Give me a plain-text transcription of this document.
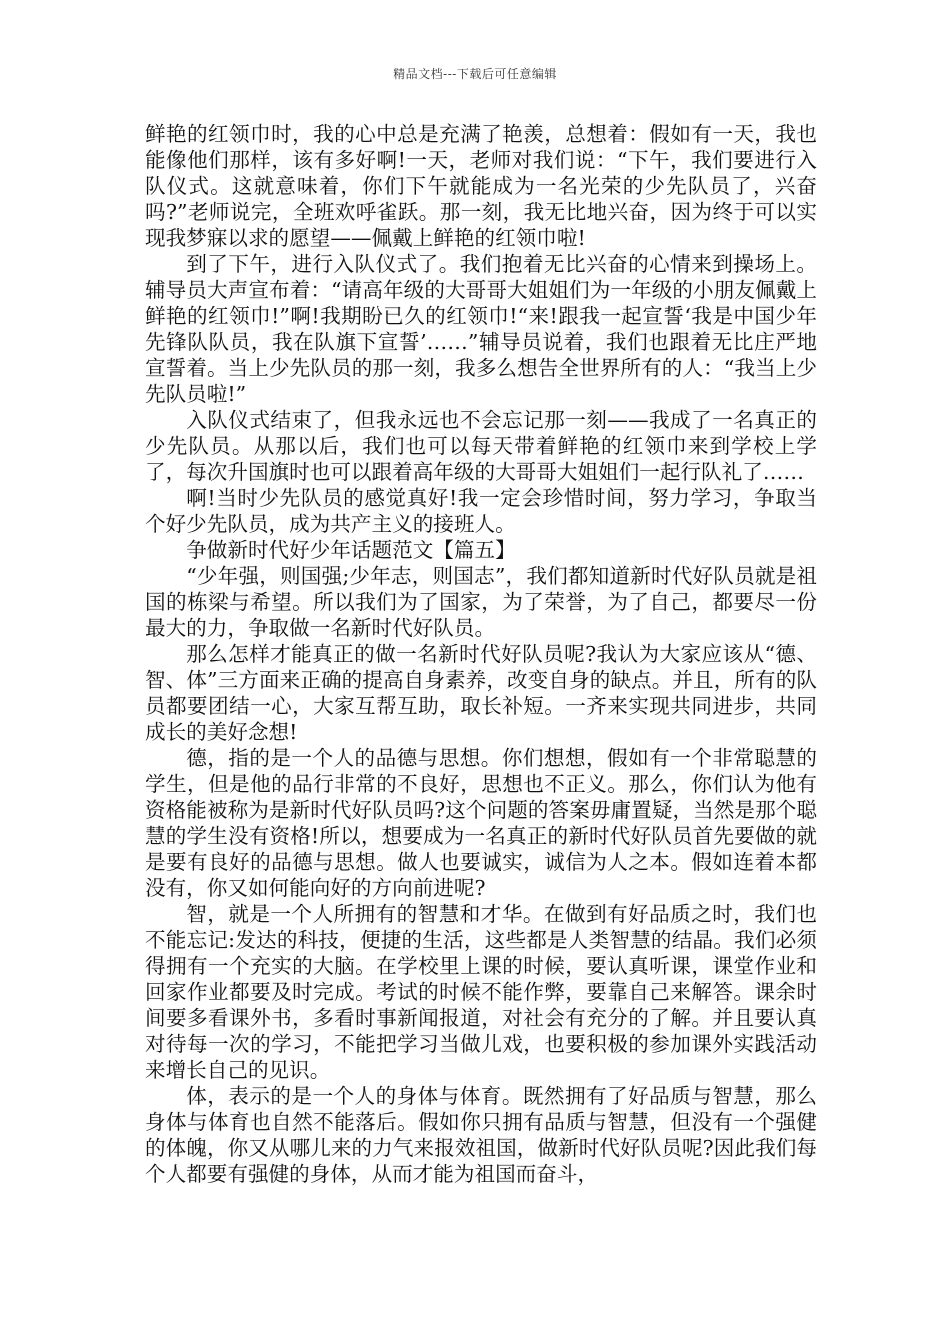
精品文档---下载后可任意编辑

鲜艳的红领巾时，我的心中总是充满了艳羡，总想着：假如有一天，我也能像他们那样，该有多好啊!一天，老师对我们说：“下午，我们要进行入队仪式。这就意味着，你们下午就能成为一名光荣的少先队员了，兴奋吗?”老师说完，全班欢呼雀跃。那一刻，我无比地兴奋，因为终于可以实现我梦寐以求的愿望——佩戴上鲜艳的红领巾啦!

到了下午，进行入队仪式了。我们抱着无比兴奋的心情来到操场上。辅导员大声宣布着：“请高年级的大哥哥大姐姐们为一年级的小朋友佩戴上鲜艳的红领巾!”啊!我期盼已久的红领巾!“来!跟我一起宣誓‘我是中国少年先锋队队员，我在队旗下宣誓’……”辅导员说着，我们也跟着无比庄严地宣誓着。当上少先队员的那一刻，我多么想告全世界所有的人：“我当上少先队员啦!”

入队仪式结束了，但我永远也不会忘记那一刻——我成了一名真正的少先队员。从那以后，我们也可以每天带着鲜艳的红领巾来到学校上学了，每次升国旗时也可以跟着高年级的大哥哥大姐姐们一起行队礼了……

啊!当时少先队员的感觉真好!我一定会珍惜时间，努力学习，争取当个好少先队员，成为共产主义的接班人。

争做新时代好少年话题范文【篇五】

“少年强，则国强;少年志，则国志”，我们都知道新时代好队员就是祖国的栋梁与希望。所以我们为了国家，为了荣誉，为了自己，都要尽一份最大的力，争取做一名新时代好队员。

那么怎样才能真正的做一名新时代好队员呢?我认为大家应该从“德、智、体”三方面来正确的提高自身素养，改变自身的缺点。并且，所有的队员都要团结一心，大家互帮互助，取长补短。一齐来实现共同进步，共同成长的美好念想!

德，指的是一个人的品德与思想。你们想想，假如有一个非常聪慧的学生，但是他的品行非常的不良好，思想也不正义。那么，你们认为他有资格能被称为是新时代好队员吗?这个问题的答案毋庸置疑，当然是那个聪慧的学生没有资格!所以，想要成为一名真正的新时代好队员首先要做的就是要有良好的品德与思想。做人也要诚实，诚信为人之本。假如连着本都没有，你又如何能向好的方向前进呢?

智，就是一个人所拥有的智慧和才华。在做到有好品质之时，我们也不能忘记:发达的科技，便捷的生活，这些都是人类智慧的结晶。我们必须得拥有一个充实的大脑。在学校里上课的时候，要认真听课，课堂作业和回家作业都要及时完成。考试的时候不能作弊，要靠自己来解答。课余时间要多看课外书，多看时事新闻报道，对社会有充分的了解。并且要认真对待每一次的学习，不能把学习当做儿戏，也要积极的参加课外实践活动来增长自己的见识。

体，表示的是一个人的身体与体育。既然拥有了好品质与智慧，那么身体与体育也自然不能落后。假如你只拥有品质与智慧，但没有一个强健的体魄，你又从哪儿来的力气来报效祖国，做新时代好队员呢?因此我们每个人都要有强健的身体，从而才能为祖国而奋斗，
